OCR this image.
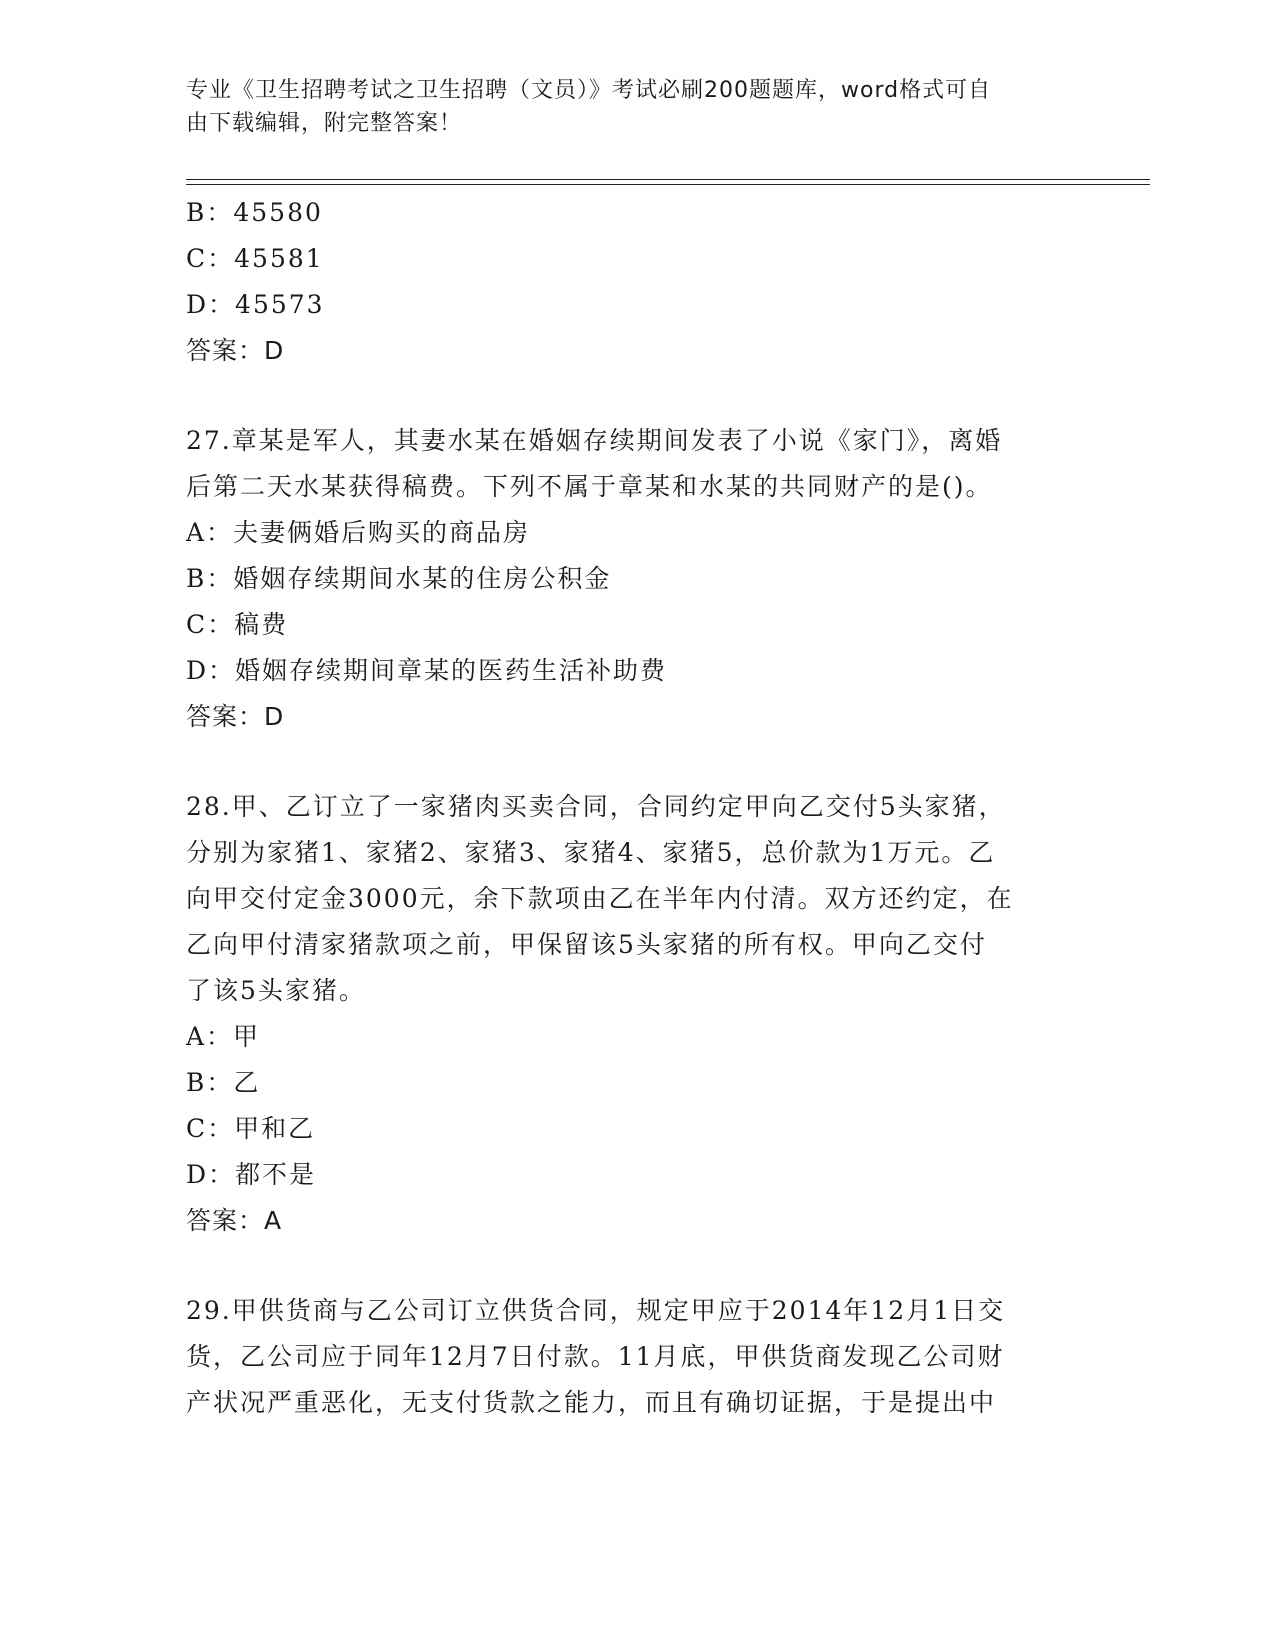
专业《卫生招聘考试之卫生招聘（文员）》考试必刷200题题库，word格式可自
由下载编辑，附完整答案！
B：45580
C：45581
D：45573
答案：D
27.章某是军人，其妻水某在婚姻存续期间发表了小说《家门》，离婚
后第二天水某获得稿费。下列不属于章某和水某的共同财产的是()。
A：夫妻俩婚后购买的商品房
B：婚姻存续期间水某的住房公积金
C：稿费
D：婚姻存续期间章某的医药生活补助费
答案：D
28.甲、乙订立了一家猪肉买卖合同，合同约定甲向乙交付5头家猪，
分别为家猪1、家猪2、家猪3、家猪4、家猪5，总价款为1万元。乙
向甲交付定金3000元，余下款项由乙在半年内付清。双方还约定，在
乙向甲付清家猪款项之前，甲保留该5头家猪的所有权。甲向乙交付
了该5头家猪。
A：甲
B：乙
C：甲和乙
D：都不是
答案：A
29.甲供货商与乙公司订立供货合同，规定甲应于2014年12月1日交
货，乙公司应于同年12月7日付款。11月底，甲供货商发现乙公司财
产状况严重恶化，无支付货款之能力，而且有确切证据，于是提出中
